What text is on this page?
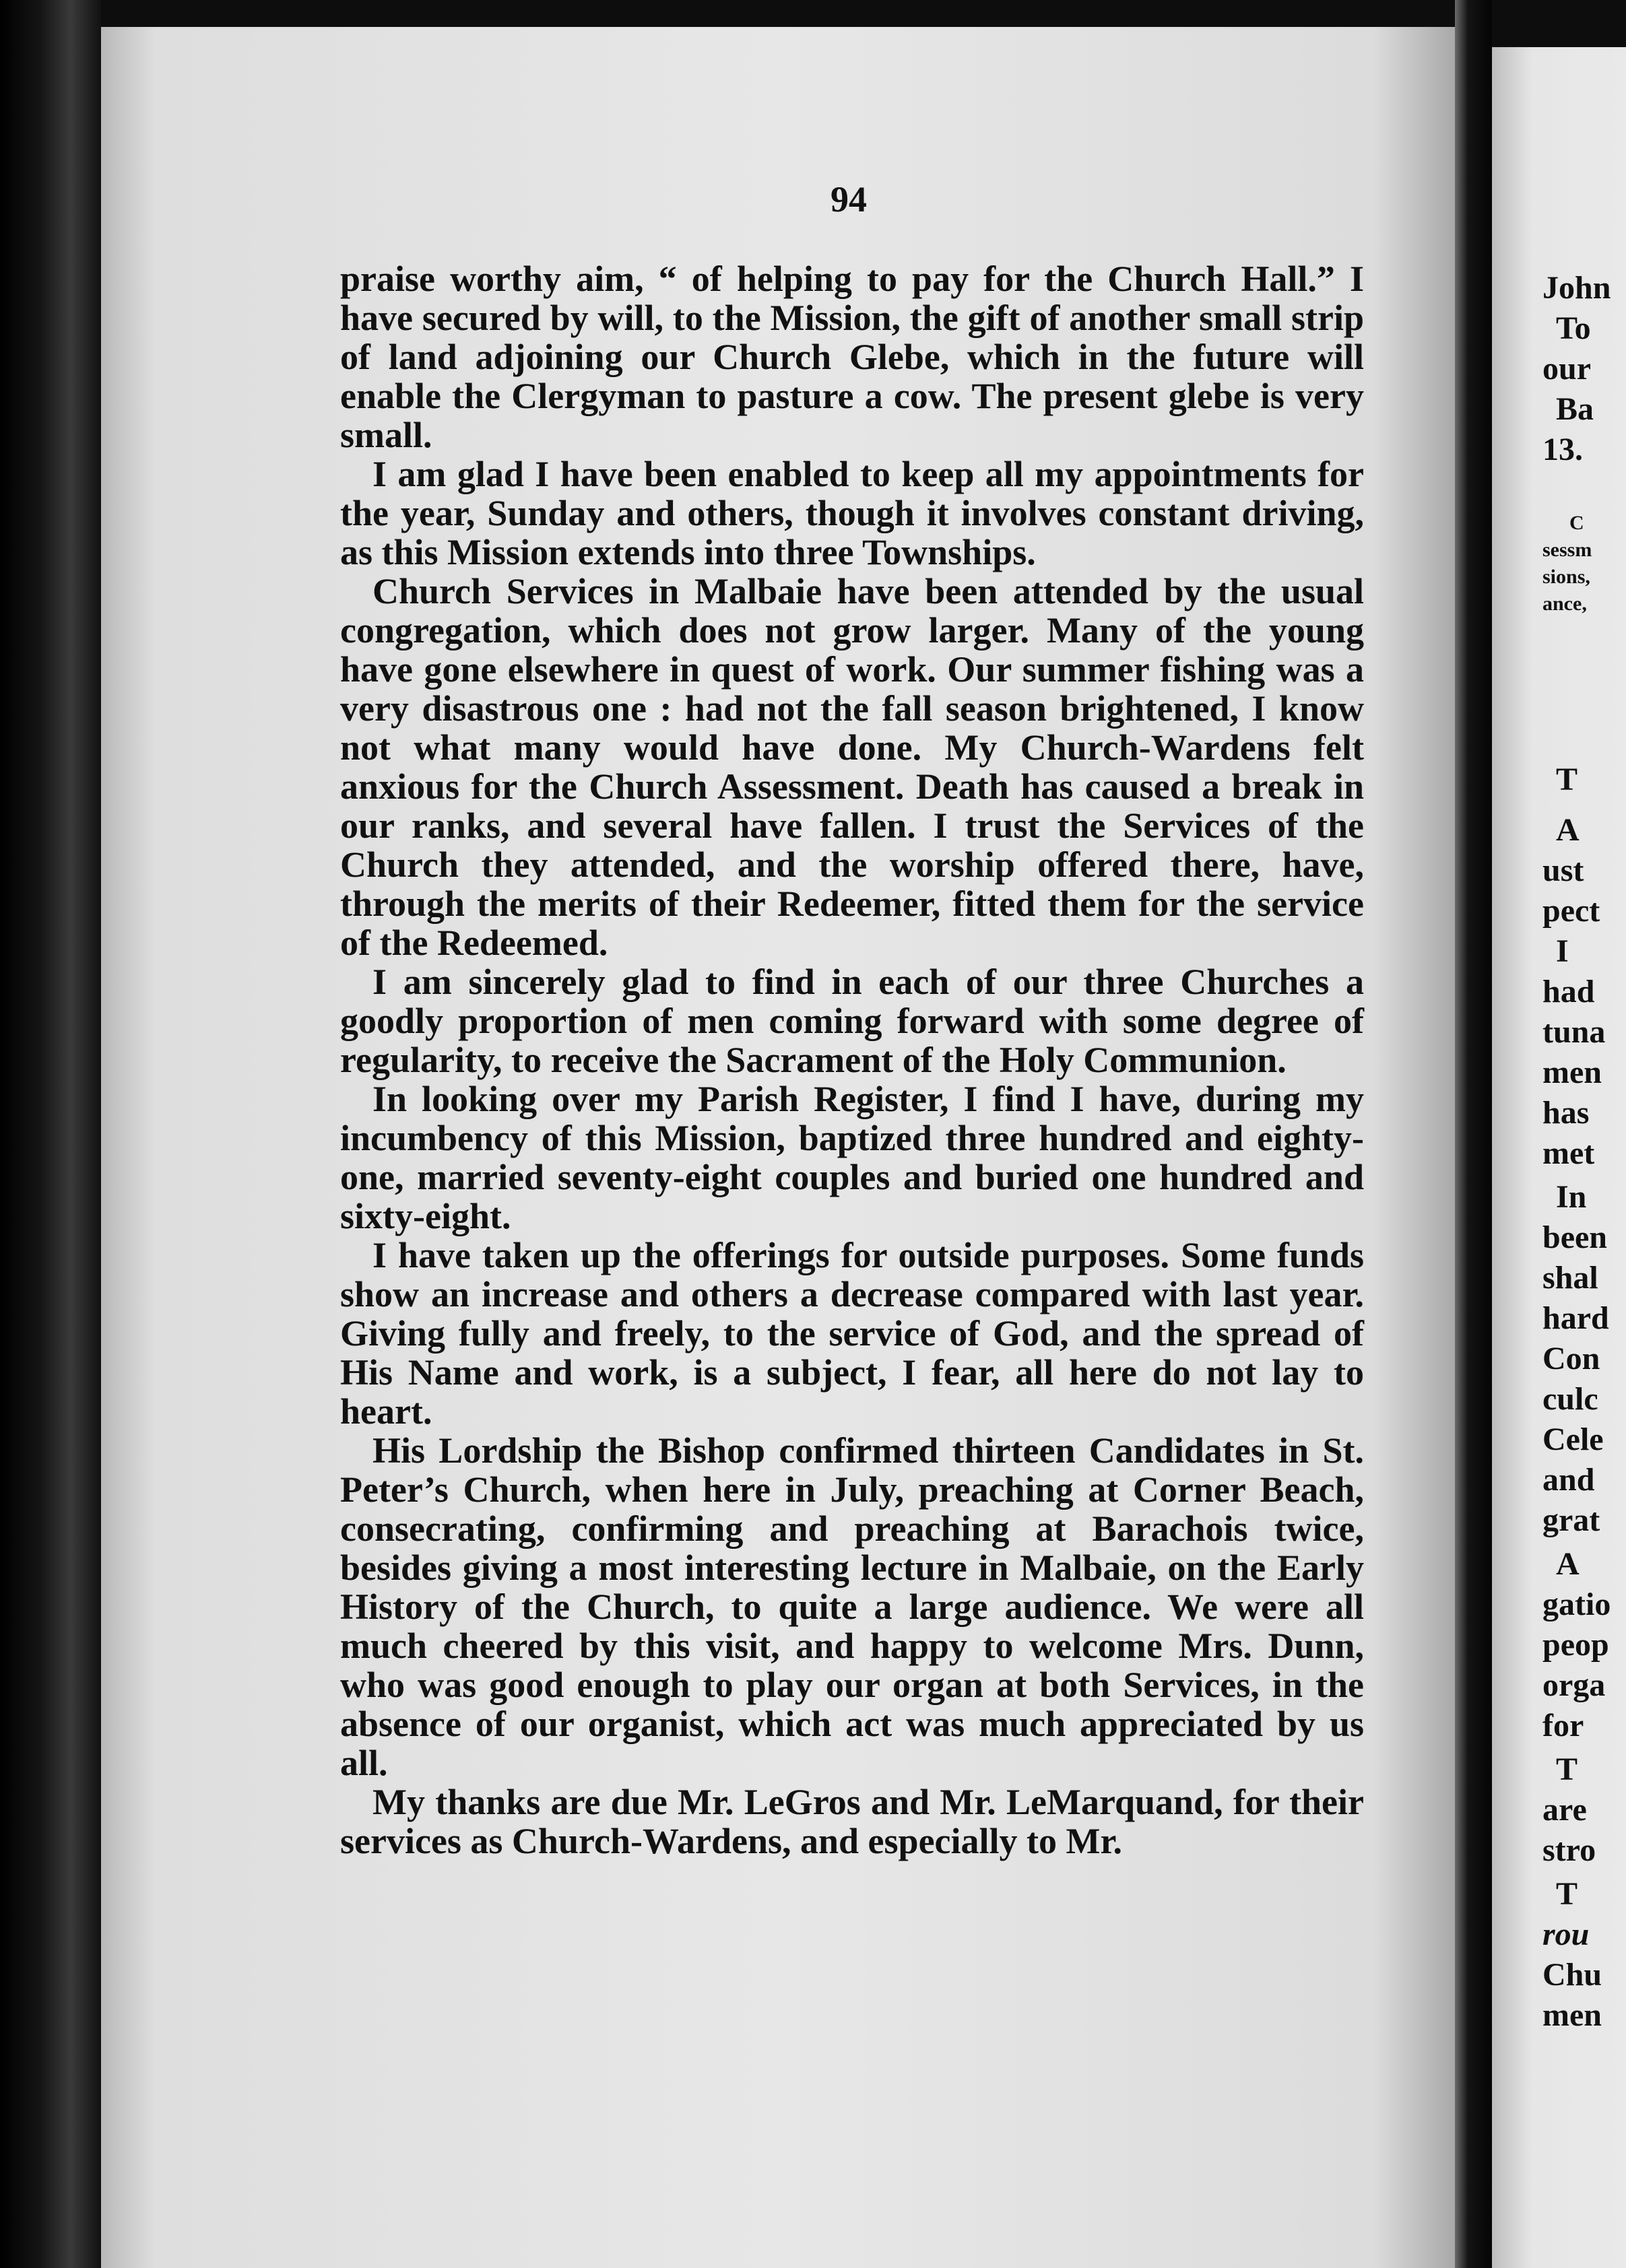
94

praise worthy aim, “ of helping to pay for the Church Hall.” I have secured by will, to the Mission, the gift of another small strip of land adjoining our Church Glebe, which in the future will enable the Clergyman to pasture a cow. The present glebe is very small.

I am glad I have been enabled to keep all my appointments for the year, Sunday and others, though it involves constant driving, as this Mission extends into three Townships.

Church Services in Malbaie have been attended by the usual congregation, which does not grow larger. Many of the young have gone elsewhere in quest of work. Our summer fishing was a very disastrous one : had not the fall season brightened, I know not what many would have done. My Church-Wardens felt anxious for the Church Assessment. Death has caused a break in our ranks, and several have fallen. I trust the Services of the Church they attended, and the worship offered there, have, through the merits of their Redeemer, fitted them for the service of the Redeemed.

I am sincerely glad to find in each of our three Churches a goodly proportion of men coming forward with some degree of regularity, to receive the Sacrament of the Holy Communion.

In looking over my Parish Register, I find I have, during my incumbency of this Mission, baptized three hundred and eighty-one, married seventy-eight couples and buried one hundred and sixty-eight.

I have taken up the offerings for outside purposes. Some funds show an increase and others a decrease compared with last year. Giving fully and freely, to the service of God, and the spread of His Name and work, is a subject, I fear, all here do not lay to heart.

His Lordship the Bishop confirmed thirteen Candidates in St. Peter’s Church, when here in July, preaching at Corner Beach, consecrating, confirming and preaching at Barachois twice, besides giving a most interesting lecture in Malbaie, on the Early History of the Church, to quite a large audience. We were all much cheered by this visit, and happy to welcome Mrs. Dunn, who was good enough to play our organ at both Services, in the absence of our organist, which act was much appreciated by us all.

My thanks are due Mr. LeGros and Mr. LeMarquand, for their services as Church-Wardens, and especially to Mr.

John
To
our
Ba
13.
C
sessm
sions,
ance,
T
A
ust
pect
I
had
tuna
men
has
met
In
been
shal
hard
Con
culc
Cele
and
grat
A
gatio
peop
orga
for
T
are
stro
T
rou
Chu
men
